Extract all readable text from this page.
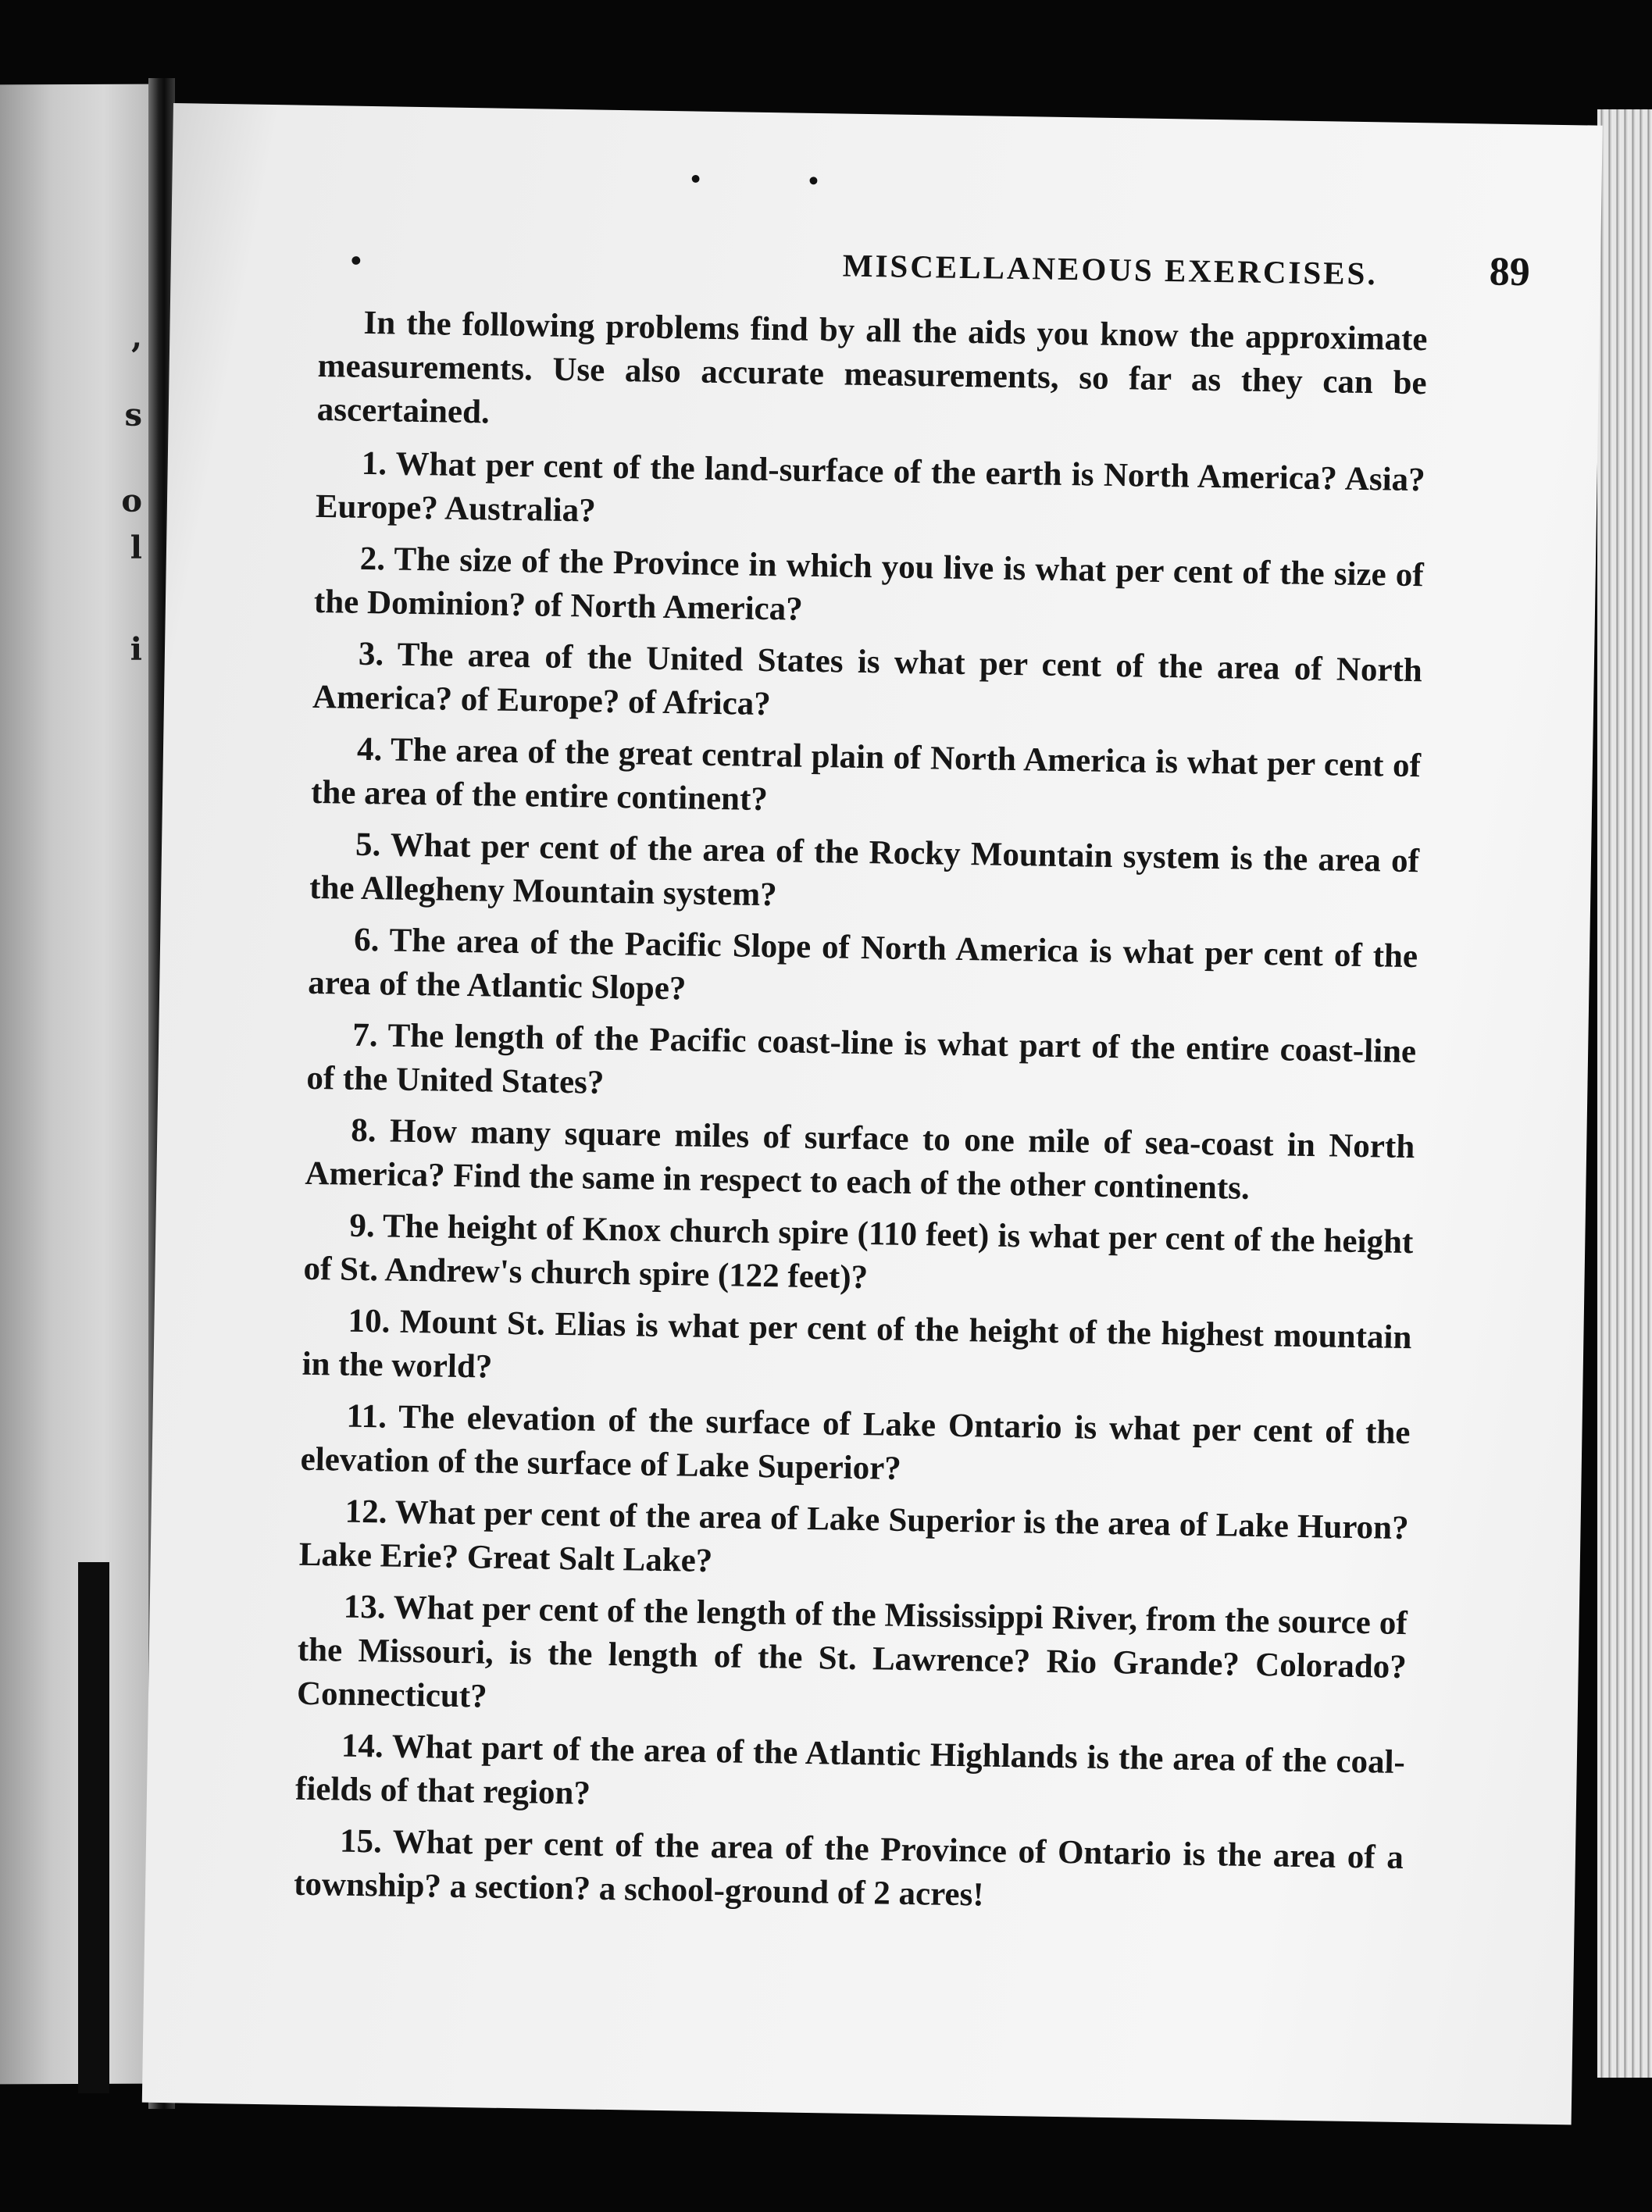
,
s
o
l
i
• •
•	MISCELLANEOUS EXERCISES.	89

In the following problems find by all the aids you know the approximate measurements. Use also accurate measurements, so far as they can be ascertained.

1. What per cent of the land-surface of the earth is North America? Asia? Europe? Australia?

2. The size of the Province in which you live is what per cent of the size of the Dominion? of North America?

3. The area of the United States is what per cent of the area of North America? of Europe? of Africa?

4. The area of the great central plain of North America is what per cent of the area of the entire continent?

5. What per cent of the area of the Rocky Mountain system is the area of the Allegheny Mountain system?

6. The area of the Pacific Slope of North America is what per cent of the area of the Atlantic Slope?

7. The length of the Pacific coast-line is what part of the entire coast-line of the United States?

8. How many square miles of surface to one mile of sea-coast in North America? Find the same in respect to each of the other continents.

9. The height of Knox church spire (110 feet) is what per cent of the height of St. Andrew's church spire (122 feet)?

10. Mount St. Elias is what per cent of the height of the highest mountain in the world?

11. The elevation of the surface of Lake Ontario is what per cent of the elevation of the surface of Lake Superior?

12. What per cent of the area of Lake Superior is the area of Lake Huron? Lake Erie? Great Salt Lake?

13. What per cent of the length of the Mississippi River, from the source of the Missouri, is the length of the St. Lawrence? Rio Grande? Colorado? Connecticut?

14. What part of the area of the Atlantic Highlands is the area of the coal-fields of that region?

15. What per cent of the area of the Province of Ontario is the area of a township? a section? a school-ground of 2 acres!
